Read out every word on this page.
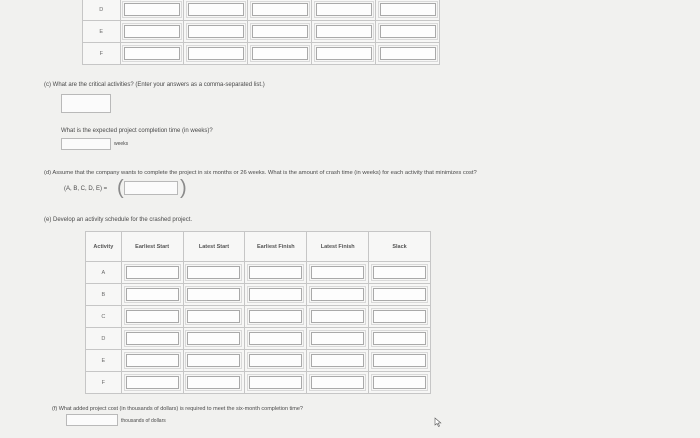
D	

E	

F	

(c) What are the critical activities? (Enter your answers as a comma-separated list.)
What is the expected project completion time (in weeks)?
weeks
(d) Assume that the company wants to complete the project in six months or 26 weeks. What is the amount of crash time (in weeks) for each activity that minimizes cost?
(A, B, C, D, E) = (	)
(e) Develop an activity schedule for the crashed project.
Activity	Earliest Start	Latest Start	Earliest Finish	Latest Finish	Slack
A	

B	

C	

D	

E	

F	

(f) What added project cost (in thousands of dollars) is required to meet the six-month completion time?
thousands of dollars
